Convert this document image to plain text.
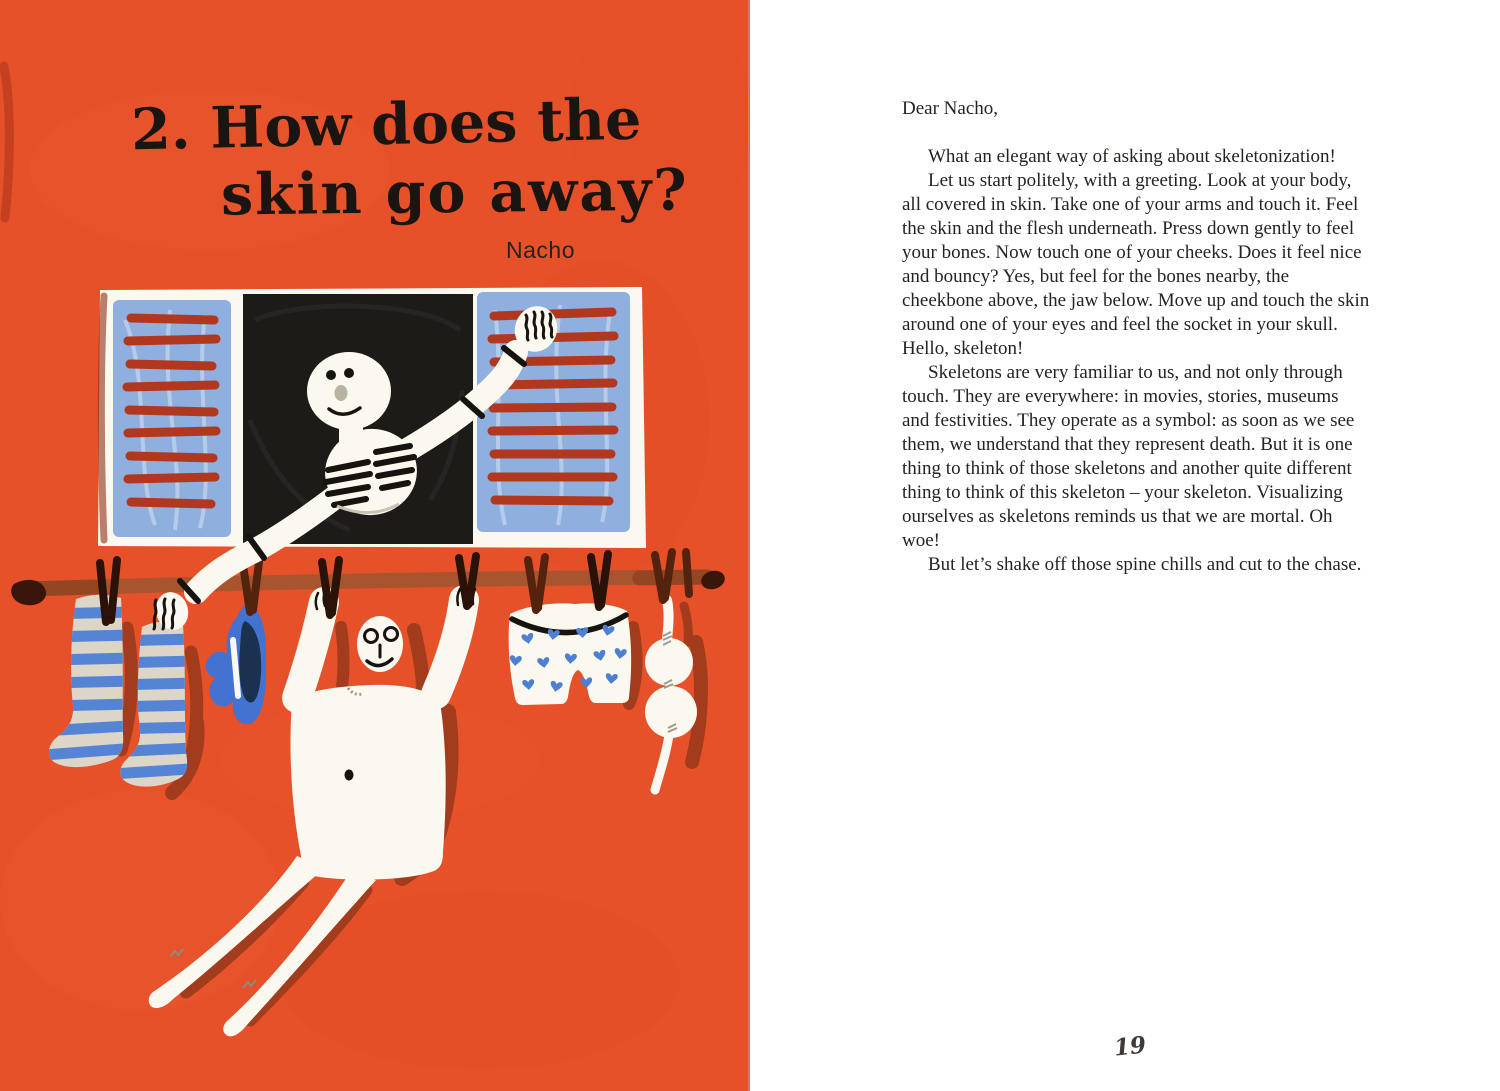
2. How does the
skin go away?
Nacho

Dear Nacho,

What an elegant way of asking about skeletonization!

Let us start politely, with a greeting. Look at your body, all covered in skin. Take one of your arms and touch it. Feel the skin and the flesh underneath. Press down gently to feel your bones. Now touch one of your cheeks. Does it feel nice and bouncy? Yes, but feel for the bones nearby, the cheekbone above, the jaw below. Move up and touch the skin around one of your eyes and feel the socket in your skull. Hello, skeleton!

Skeletons are very familiar to us, and not only through touch. They are everywhere: in movies, stories, museums and festivities. They operate as a symbol: as soon as we see them, we understand that they represent death. But it is one thing to think of those skeletons and another quite different thing to think of this skeleton – your skeleton. Visualizing ourselves as skeletons reminds us that we are mortal. Oh woe!

But let’s shake off those spine chills and cut to the chase.

19
